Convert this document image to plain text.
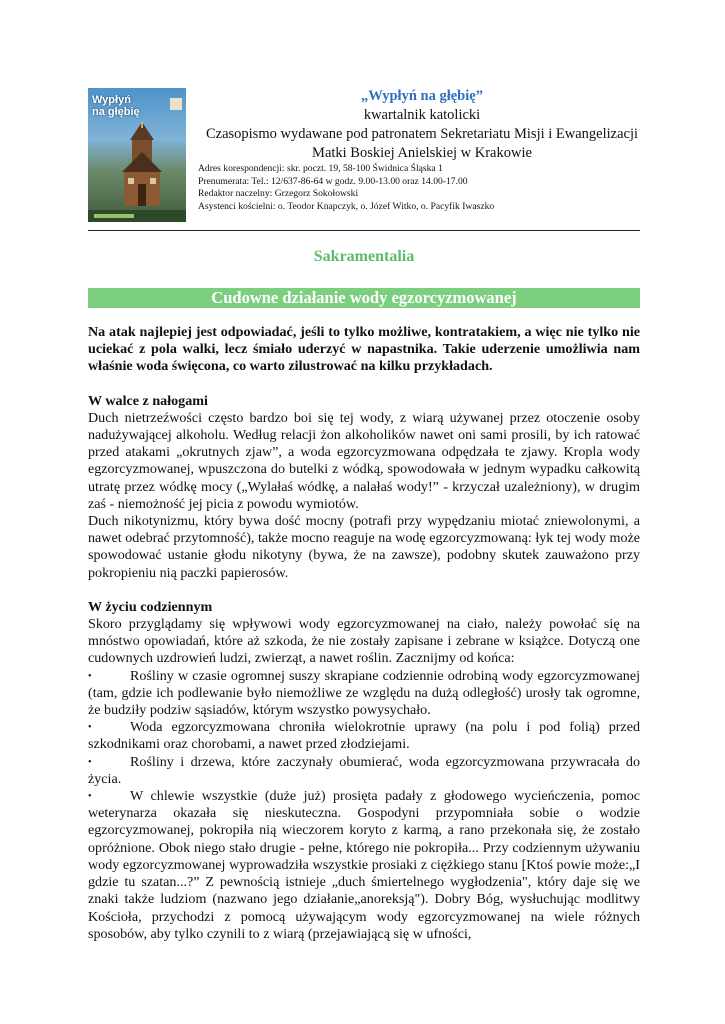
Wypłyń
na głębię
„Wypłyń na głębię”
kwartalnik katolicki
Czasopismo wydawane pod patronatem Sekretariatu Misji i Ewangelizacji
Matki Boskiej Anielskiej w Krakowie
Adres korespondencji: skr. poczt. 19, 58-100 Świdnica Śląska 1
Prenumerata: Tel.: 12/637-86-64 w godz. 9.00-13.00 oraz 14.00-17.00
Redaktor naczelny: Grzegorz Sokołowski
Asystenci kościelni: o. Teodor Knapczyk, o. Józef Witko, o. Pacyfik Iwaszko
Sakramentalia
Cudowne działanie wody egzorcyzmowanej

Na atak najlepiej jest odpowiadać, jeśli to tylko możliwe, kontratakiem, a więc nie tylko nie uciekać z pola walki, lecz śmiało uderzyć w napastnika. Takie uderzenie umożliwia nam właśnie woda święcona, co warto zilustrować na kilku przykładach.

W walce z nałogami

Duch nietrzeźwości często bardzo boi się tej wody, z wiarą używanej przez otoczenie osoby nadużywającej alkoholu. Według relacji żon alkoholików nawet oni sami prosili, by ich ratować przed atakami „okrutnych zjaw”, a woda egzorcyzmowana odpędzała te zjawy. Kropla wody egzorcyzmowanej, wpuszczona do butelki z wódką, spowodowała w jednym wypadku całkowitą utratę przez wódkę mocy („Wylałaś wódkę, a nalałaś wody!” - krzyczał uzależniony), w drugim zaś - niemożność jej picia z powodu wymiotów.

Duch nikotynizmu, który bywa dość mocny (potrafi przy wypędzaniu miotać zniewolonymi, a nawet odebrać przytomność), także mocno reaguje na wodę egzorcyzmowaną: łyk tej wody może spowodować ustanie głodu nikotyny (bywa, że na zawsze), podobny skutek zauważono przy pokropieniu nią paczki papierosów.

W życiu codziennym

Skoro przyglądamy się wpływowi wody egzorcyzmowanej na ciało, należy powołać się na mnóstwo opowiadań, które aż szkoda, że nie zostały zapisane i zebrane w książce. Dotyczą one cudownych uzdrowień ludzi, zwierząt, a nawet roślin. Zacznijmy od końca:

•	Rośliny w czasie ogromnej suszy skrapiane codziennie odrobiną wody egzorcyzmowanej (tam, gdzie ich podlewanie było niemożliwe ze względu na dużą odległość) urosły tak ogromne, że budziły podziw sąsiadów, którym wszystko powysychało.

•	Woda egzorcyzmowana chroniła wielokrotnie uprawy (na polu i pod folią) przed szkodnikami oraz chorobami, a nawet przed złodziejami.

•	Rośliny i drzewa, które zaczynały obumierać, woda egzorcyzmowana przywracała do życia.

•	W chlewie wszystkie (duże już) prosięta padały z głodowego wycieńczenia, pomoc weterynarza okazała się nieskuteczna. Gospodyni przypomniała sobie o wodzie egzorcyzmowanej, pokropiła nią wieczorem koryto z karmą, a rano przekonała się, że zostało opróżnione. Obok niego stało drugie - pełne, którego nie pokropiła... Przy codziennym używaniu wody egzorcyzmowanej wyprowadziła wszystkie prosiaki z ciężkiego stanu [Ktoś powie może:„I gdzie tu szatan...?” Z pewnością istnieje „duch śmiertelnego wygłodzenia", który daje się we znaki także ludziom (nazwano jego działanie„anoreksją"). Dobry Bóg, wysłuchując modlitwy Kościoła, przychodzi z pomocą używającym wody egzorcyzmowanej na wiele różnych sposobów, aby tylko czynili to z wiarą (przejawiającą się w ufności,
